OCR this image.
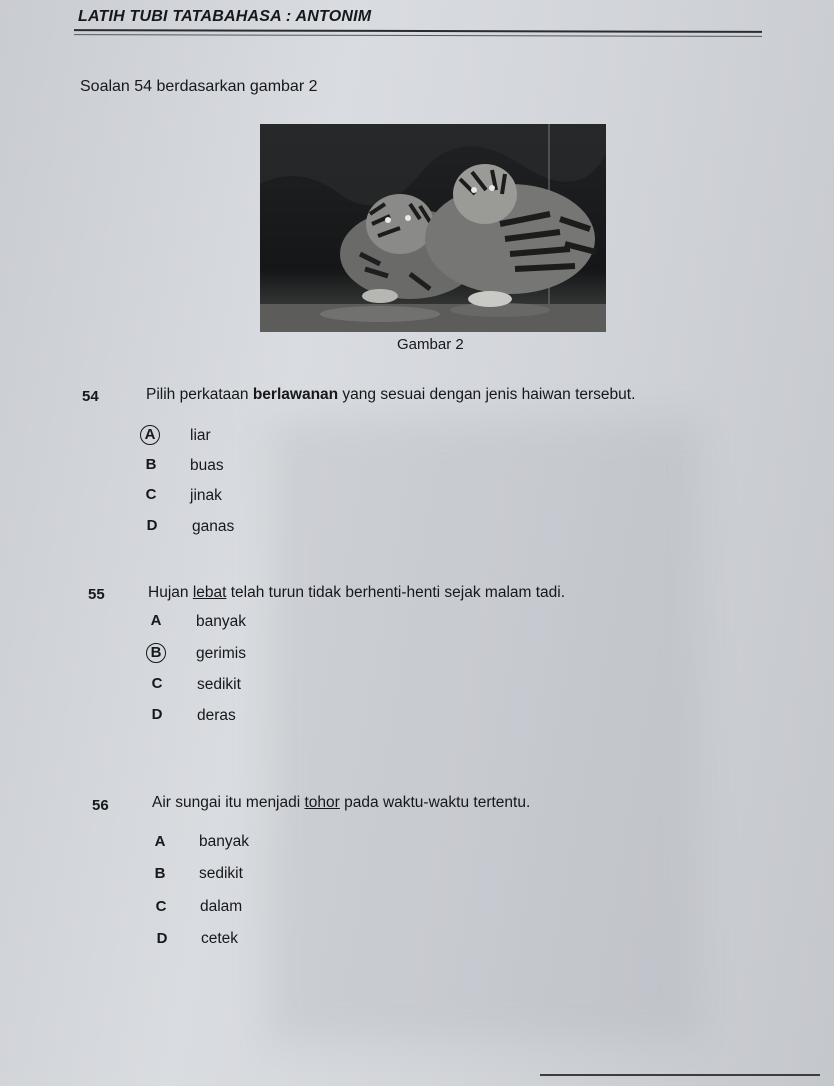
LATIH TUBI TATABAHASA : ANTONIM
Soalan 54 berdasarkan gambar 2
Gambar 2
54	Pilih perkataan berlawanan yang sesuai dengan jenis haiwan tersebut.
A liar
B buas
C jinak
D ganas
55	Hujan lebat telah turun tidak berhenti-henti sejak malam tadi.
A banyak
B gerimis
C sedikit
D deras
56	Air sungai itu menjadi tohor pada waktu-waktu tertentu.
A banyak
B sedikit
C dalam
D cetek
